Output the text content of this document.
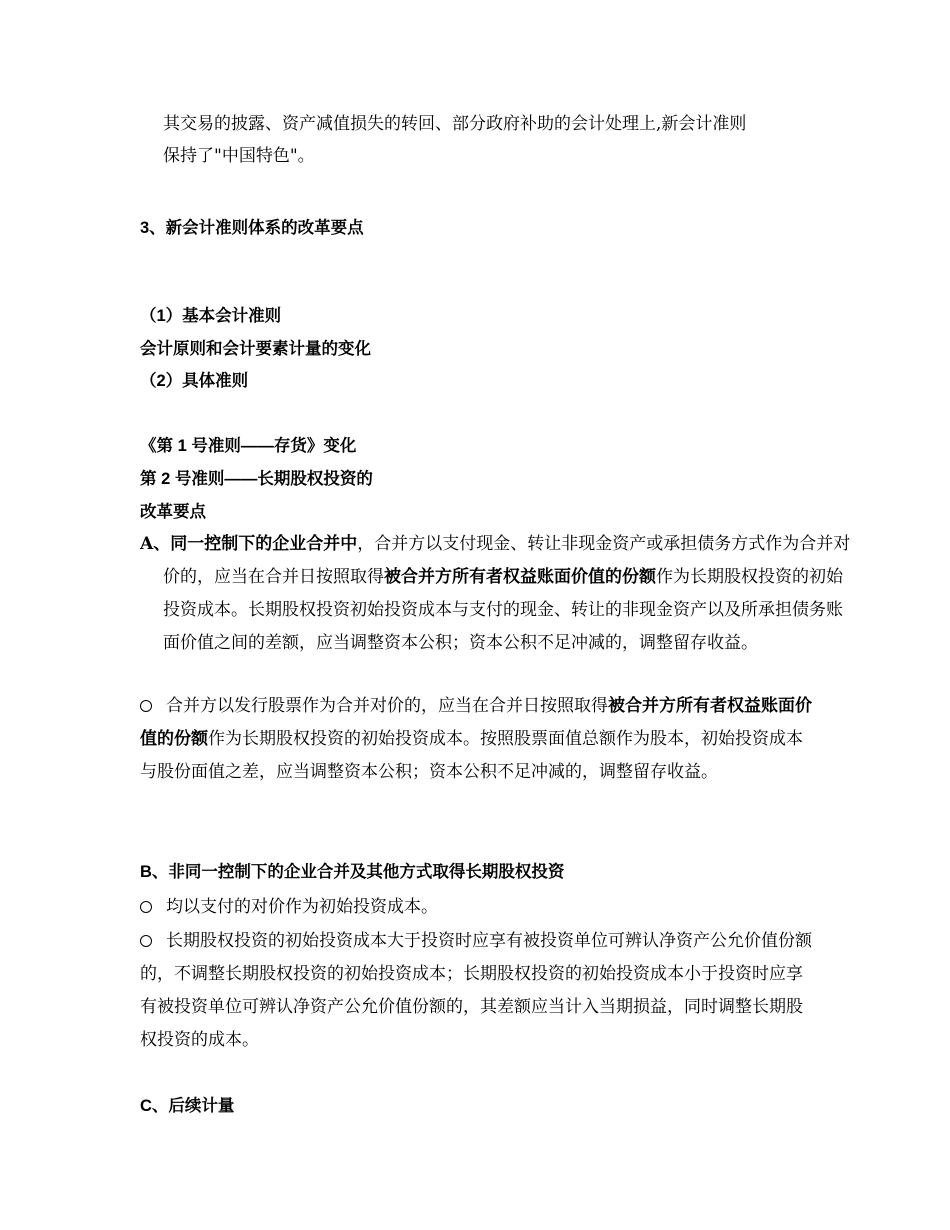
其交易的披露、资产减值损失的转回、部分政府补助的会计处理上,新会计准则
保持了"中国特色"。

3、新会计准则体系的改革要点

（1）基本会计准则

会计原则和会计要素计量的变化

（2）具体准则

《第 1 号准则——存货》变化

第 2 号准则——长期股权投资的

改革要点

A、同一控制下的企业合并中，合并方以支付现金、转让非现金资产或承担债务方式作为合并对价的，应当在合并日按照取得被合并方所有者权益账面价值的份额作为长期股权投资的初始投资成本。长期股权投资初始投资成本与支付的现金、转让的非现金资产以及所承担债务账面价值之间的差额，应当调整资本公积；资本公积不足冲减的，调整留存收益。

合并方以发行股票作为合并对价的，应当在合并日按照取得被合并方所有者权益账面价值的份额作为长期股权投资的初始投资成本。按照股票面值总额作为股本，初始投资成本与股份面值之差，应当调整资本公积；资本公积不足冲减的，调整留存收益。

B、非同一控制下的企业合并及其他方式取得长期股权投资

均以支付的对价作为初始投资成本。

长期股权投资的初始投资成本大于投资时应享有被投资单位可辨认净资产公允价值份额的，不调整长期股权投资的初始投资成本；长期股权投资的初始投资成本小于投资时应享有被投资单位可辨认净资产公允价值份额的，其差额应当计入当期损益，同时调整长期股权投资的成本。

C、后续计量
